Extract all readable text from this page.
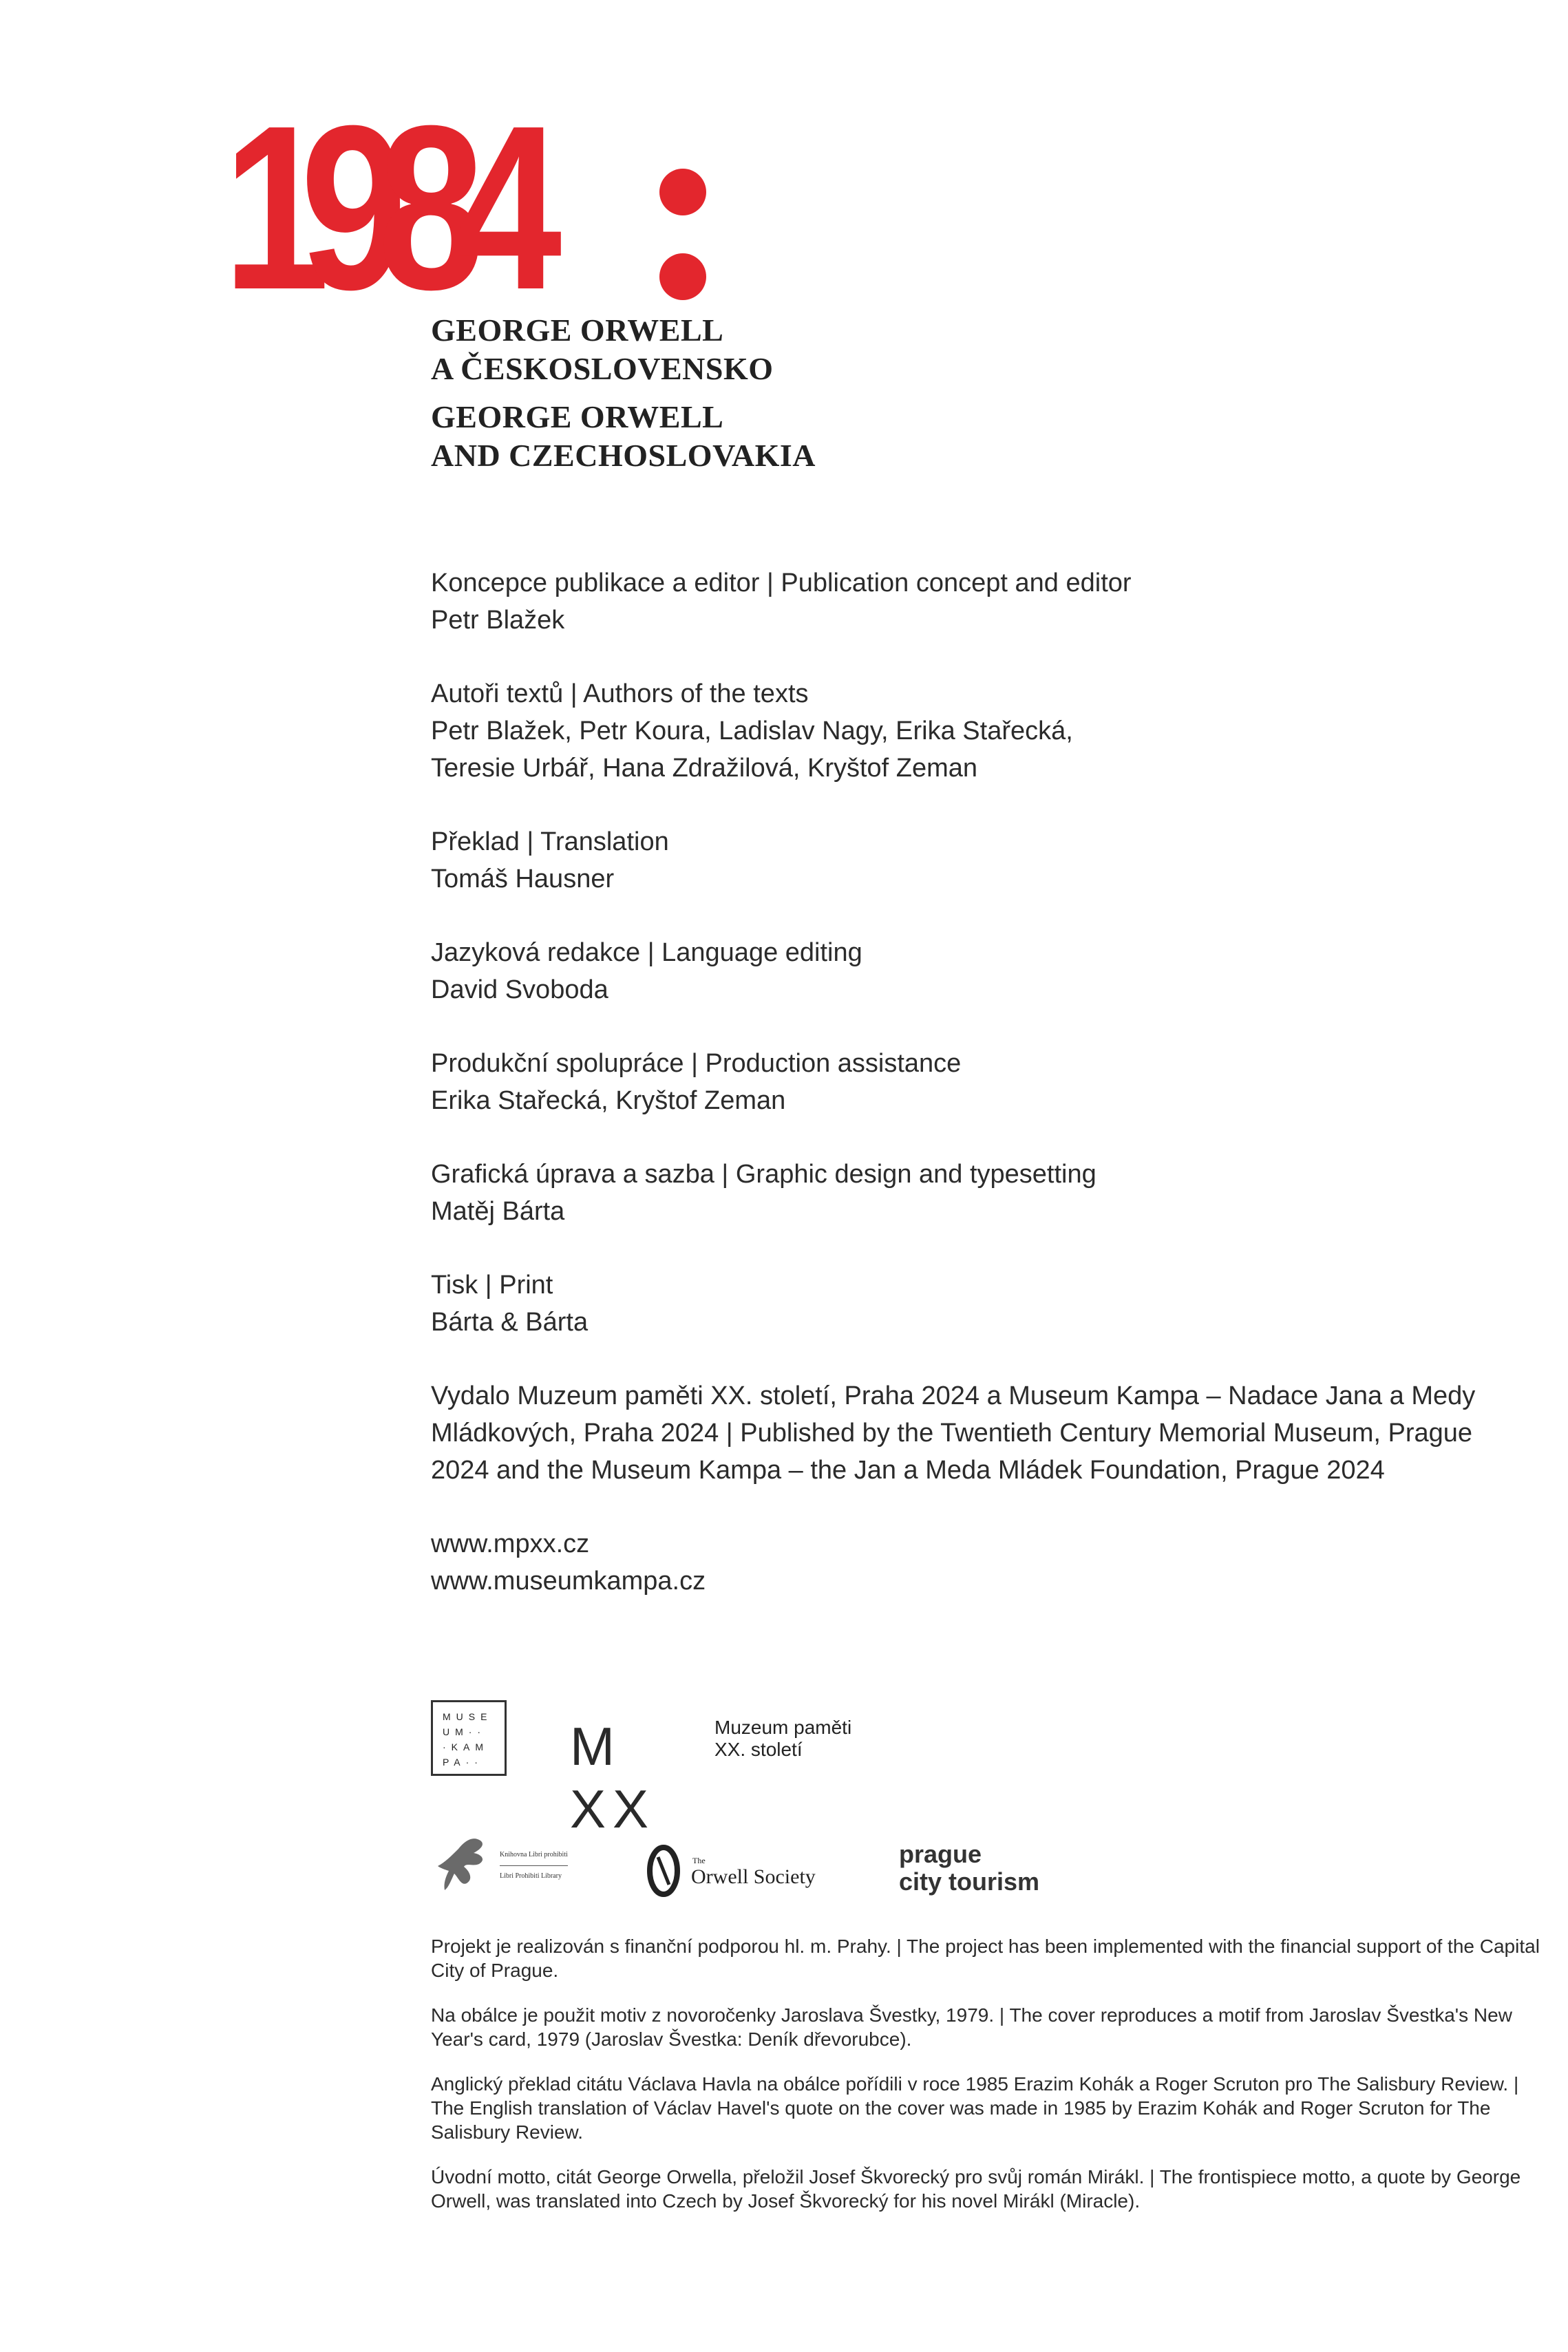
1984
GEORGE ORWELL
A ČESKOSLOVENSKO
GEORGE ORWELL
AND CZECHOSLOVAKIA
Koncepce publikace a editor | Publication concept and editor
Petr Blažek
Autoři textů | Authors of the texts
Petr Blažek, Petr Koura, Ladislav Nagy, Erika Stařecká,
Teresie Urbář, Hana Zdražilová, Kryštof Zeman
Překlad | Translation
Tomáš Hausner
Jazyková redakce | Language editing
David Svoboda
Produkční spolupráce | Production assistance
Erika Stařecká, Kryštof Zeman
Grafická úprava a sazba | Graphic design and typesetting
Matěj Bárta
Tisk | Print
Bárta & Bárta
Vydalo Muzeum paměti XX. století, Praha 2024 a Museum Kampa – Nadace Jana a Medy Mládkových, Praha 2024 | Published by the Twentieth Century Memorial Museum, Prague 2024 and the Museum Kampa – the Jan a Meda Mládek Foundation, Prague 2024
www.mpxx.cz
www.museumkampa.cz
MUSE
UM··
·KAM
PA··	M XX
Muzeum paměti
XX. století
Knihovna Libri prohibiti
Libri Prohibiti Library
The
Orwell Society
prague
city tourism
Projekt je realizován s finanční podporou hl. m. Prahy. | The project has been implemented with the financial support of the Capital City of Prague.
Na obálce je použit motiv z novoročenky Jaroslava Švestky, 1979. | The cover reproduces a motif from Jaroslav Švestka's New Year's card, 1979 (Jaroslav Švestka: Deník dřevorubce).
Anglický překlad citátu Václava Havla na obálce pořídili v roce 1985 Erazim Kohák a Roger Scruton pro The Salisbury Review. | The English translation of Václav Havel's quote on the cover was made in 1985 by Erazim Kohák and Roger Scruton for The Salisbury Review.
Úvodní motto, citát George Orwella, přeložil Josef Škvorecký pro svůj román Mirákl. | The frontispiece motto, a quote by George Orwell, was translated into Czech by Josef Škvorecký for his novel Mirákl (Miracle).
